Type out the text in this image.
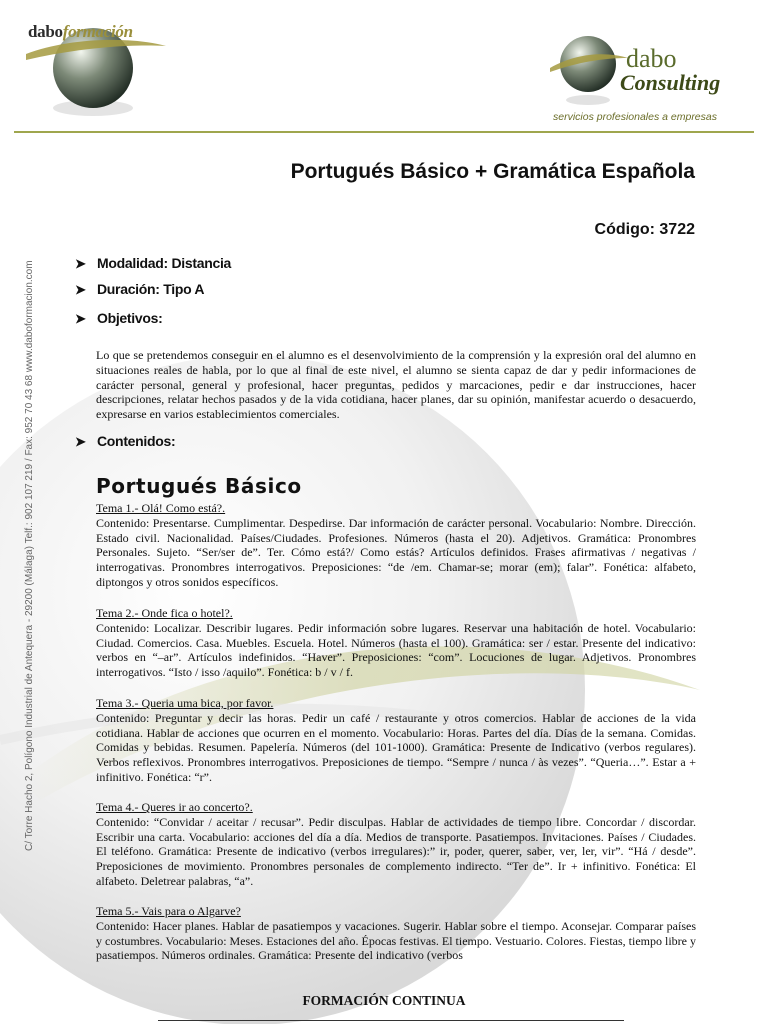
daboformación
dabo
Consulting
servicios profesionales a empresas
C/ Torre Hacho 2, Polígono Industrial de Antequera - 29200 (Málaga) Telf.: 902 107 219 / Fax: 952 70 43 68 www.daboformacion.com
Portugués Básico + Gramática Española
Código: 3722
➤ Modalidad: Distancia
➤ Duración: Tipo A
➤ Objetivos:
Lo que se pretendemos conseguir en el alumno es el desenvolvimiento de la comprensión y la expresión oral del alumno en situaciones reales de habla, por lo que al final de este nivel, el alumno se sienta capaz de dar y pedir informaciones de carácter personal, general y profesional, hacer preguntas, pedidos y marcaciones, pedir e dar instrucciones, hacer descripciones, relatar hechos pasados y de la vida cotidiana, hacer planes, dar su opinión, manifestar acuerdo o desacuerdo, expresarse en varios establecimientos comerciales.
➤ Contenidos:
Portugués Básico
Tema 1.- Olá! Como está?.
Contenido: Presentarse. Cumplimentar. Despedirse. Dar información de carácter personal. Vocabulario: Nombre. Dirección. Estado civil. Nacionalidad. Países/Ciudades. Profesiones. Números (hasta el 20). Adjetivos. Gramática: Pronombres Personales. Sujeto. “Ser/ser de”. Ter. Cómo está?/ Como estás? Artículos definidos. Frases afirmativas / negativas / interrogativas. Pronombres interrogativos. Preposiciones: “de /em. Chamar-se; morar (em); falar”. Fonética: alfabeto, diptongos y otros sonidos específicos.
Tema 2.- Onde fica o hotel?.
Contenido: Localizar. Describir lugares. Pedir información sobre lugares. Reservar una habitación de hotel. Vocabulario: Ciudad. Comercios. Casa. Muebles. Escuela. Hotel. Números (hasta el 100). Gramática: ser / estar. Presente del indicativo: verbos en “–ar”. Artículos indefinidos. “Haver”. Preposiciones: “com”. Locuciones de lugar. Adjetivos. Pronombres interrogativos. “Isto / isso /aquilo”. Fonética: b / v / f.
Tema 3.- Queria uma bica, por favor.
Contenido: Preguntar y decir las horas. Pedir un café / restaurante y otros comercios. Hablar de acciones de la vida cotidiana. Hablar de acciones que ocurren en el momento. Vocabulario: Horas. Partes del día. Días de la semana. Comidas. Comidas y bebidas. Resumen. Papelería. Números (del 101-1000). Gramática: Presente de Indicativo (verbos regulares). Verbos reflexivos. Pronombres interrogativos. Preposiciones de tiempo. “Sempre / nunca / às vezes”. “Queria…”. Estar a + infinitivo. Fonética: “r”.
Tema 4.- Queres ir ao concerto?.
Contenido: “Convidar / aceitar / recusar”. Pedir disculpas. Hablar de actividades de tiempo libre. Concordar / discordar. Escribir una carta. Vocabulario: acciones del día a día. Medios de transporte. Pasatiempos. Invitaciones. Países / Ciudades. El teléfono. Gramática: Presente de indicativo (verbos irregulares):” ir, poder, querer, saber, ver, ler, vir”. “Há / desde”. Preposiciones de movimiento. Pronombres personales de complemento indirecto. “Ter de”. Ir + infinitivo. Fonética: El alfabeto. Deletrear palabras, “a”.
Tema 5.- Vais para o Algarve?
Contenido: Hacer planes. Hablar de pasatiempos y vacaciones. Sugerir. Hablar sobre el tiempo. Aconsejar. Comparar países y costumbres. Vocabulario: Meses. Estaciones del año. Épocas festivas. El tiempo. Vestuario. Colores. Fiestas, tiempo libre y pasatiempos. Números ordinales. Gramática: Presente del indicativo (verbos
FORMACIÓN CONTINUA
